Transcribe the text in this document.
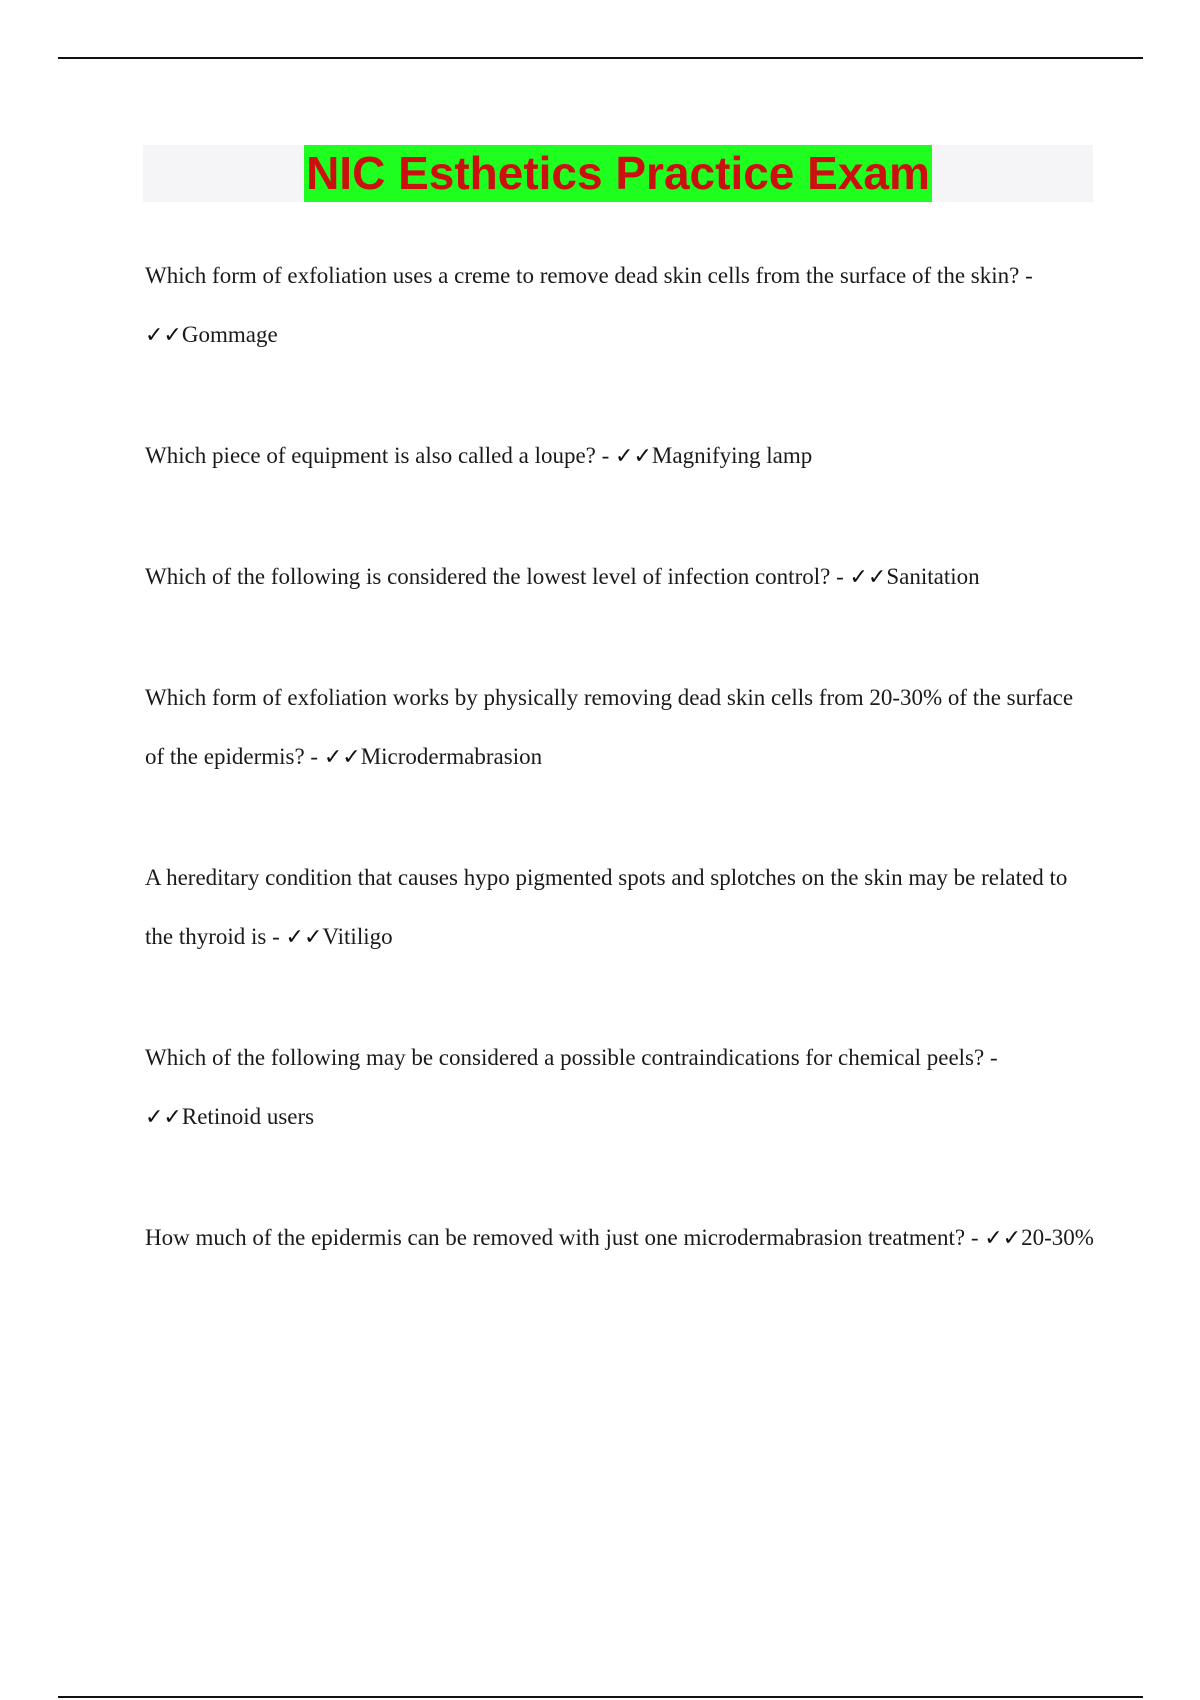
NIC Esthetics Practice Exam

Which form of exfoliation uses a creme to remove dead skin cells from the surface of the skin? - ✓✓Gommage

Which piece of equipment is also called a loupe? - ✓✓Magnifying lamp

Which of the following is considered the lowest level of infection control? - ✓✓Sanitation

Which form of exfoliation works by physically removing dead skin cells from 20-30% of the surface of the epidermis? - ✓✓Microdermabrasion

A hereditary condition that causes hypo pigmented spots and splotches on the skin may be related to the thyroid is - ✓✓Vitiligo

Which of the following may be considered a possible contraindications for chemical peels? - ✓✓Retinoid users

How much of the epidermis can be removed with just one microdermabrasion treatment? - ✓✓20-30%
